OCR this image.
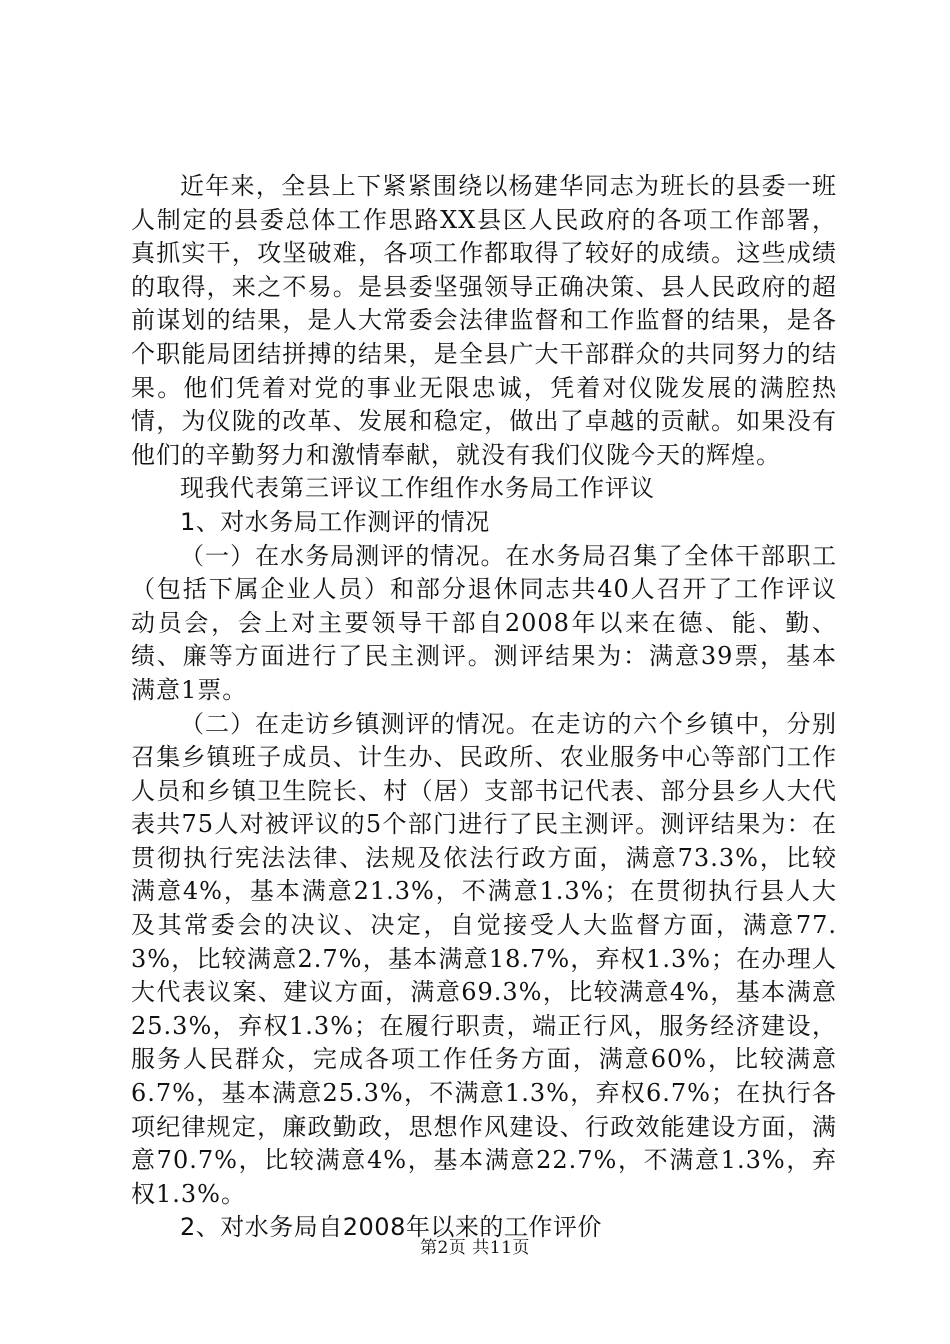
近年来，全县上下紧紧围绕以杨建华同志为班长的县委一班人制定的县委总体工作思路XX县区人民政府的各项工作部署，真抓实干，攻坚破难，各项工作都取得了较好的成绩。这些成绩的取得，来之不易。是县委坚强领导正确决策、县人民政府的超前谋划的结果，是人大常委会法律监督和工作监督的结果，是各个职能局团结拼搏的结果，是全县广大干部群众的共同努力的结果。他们凭着对党的事业无限忠诚，凭着对仪陇发展的满腔热情，为仪陇的改革、发展和稳定，做出了卓越的贡献。如果没有他们的辛勤努力和激情奉献，就没有我们仪陇今天的辉煌。

现我代表第三评议工作组作水务局工作评议

1、对水务局工作测评的情况

（一）在水务局测评的情况。在水务局召集了全体干部职工（包括下属企业人员）和部分退休同志共40人召开了工作评议动员会，会上对主要领导干部自2008年以来在德、能、勤、绩、廉等方面进行了民主测评。测评结果为：满意39票，基本满意1票。

（二）在走访乡镇测评的情况。在走访的六个乡镇中，分别召集乡镇班子成员、计生办、民政所、农业服务中心等部门工作人员和乡镇卫生院长、村（居）支部书记代表、部分县乡人大代表共75人对被评议的5个部门进行了民主测评。测评结果为：在贯彻执行宪法法律、法规及依法行政方面，满意73.3%，比较满意4%，基本满意21.3%，不满意1.3%；在贯彻执行县人大及其常委会的决议、决定，自觉接受人大监督方面，满意77.3%，比较满意2.7%，基本满意18.7%，弃权1.3%；在办理人大代表议案、建议方面，满意69.3%，比较满意4%，基本满意25.3%，弃权1.3%；在履行职责，端正行风，服务经济建设，服务人民群众，完成各项工作任务方面，满意60%，比较满意6.7%，基本满意25.3%，不满意1.3%，弃权6.7%；在执行各项纪律规定，廉政勤政，思想作风建设、行政效能建设方面，满意70.7%，比较满意4%，基本满意22.7%，不满意1.3%，弃权1.3%。

2、对水务局自2008年以来的工作评价

第2页 共11页
